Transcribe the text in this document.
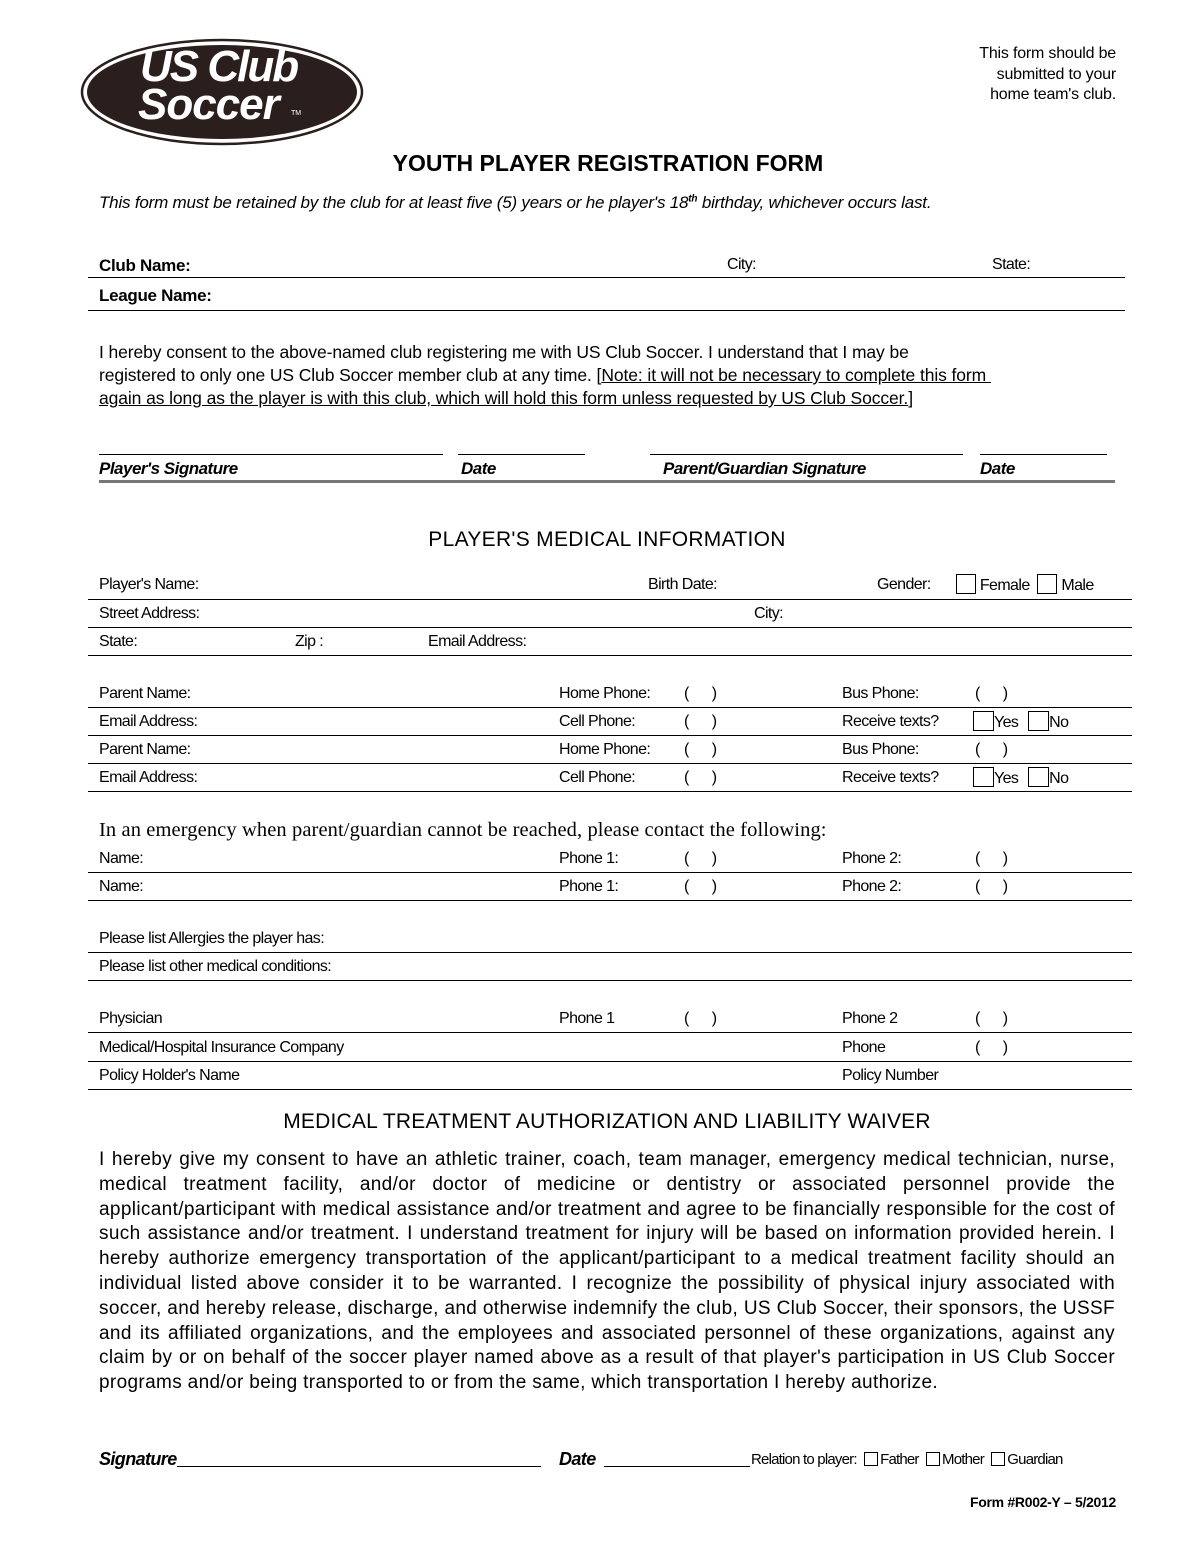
US Club
Soccer TM
This form should be
submitted to your
home team's club.
YOUTH PLAYER REGISTRATION FORM
This form must be retained by the club for at least five (5) years or he player's 18th birthday, whichever occurs last.
Club Name:	City:	State:
League Name:
I hereby consent to the above-named club registering me with US Club Soccer. I understand that I may be
registered to only one US Club Soccer member club at any time. [Note: it will not be necessary to complete this form
again as long as the player is with this club, which will hold this form unless requested by US Club Soccer.]
Player's Signature	Date	Parent/Guardian Signature	Date
PLAYER'S MEDICAL INFORMATION
Player's Name:	Birth Date:	Gender:	Female Male
Street Address:	City:
State:	Zip :	Email Address:
Parent Name:	Home Phone: (      )	Bus Phone:	(      )
Email Address:	Cell Phone:	(      )	Receive texts?	Yes No
Parent Name:	Home Phone: (      )	Bus Phone:	(      )
Email Address:	Cell Phone:	(      )	Receive texts?	Yes No
In an emergency when parent/guardian cannot be reached, please contact the following:
Name:	Phone 1:	(      )	Phone 2:	(      )
Name:	Phone 1:	(      )	Phone 2:	(      )
Please list Allergies the player has:
Please list other medical conditions:
Physician	Phone 1	(      )	Phone 2	(      )
Medical/Hospital Insurance Company	Phone	(      )
Policy Holder's Name	Policy Number
MEDICAL TREATMENT AUTHORIZATION AND LIABILITY WAIVER
I hereby give my consent to have an athletic trainer, coach, team manager, emergency medical technician, nurse, medical treatment facility, and/or doctor of medicine or dentistry or associated personnel provide the applicant/participant with medical assistance and/or treatment and agree to be financially responsible for the cost of such assistance and/or treatment. I understand treatment for injury will be based on information provided herein. I hereby authorize emergency transportation of the applicant/participant to a medical treatment facility should an individual listed above consider it to be warranted. I recognize the possibility of physical injury associated with soccer, and hereby release, discharge, and otherwise indemnify the club, US Club Soccer, their sponsors, the USSF and its affiliated organizations, and the employees and associated personnel of these organizations, against any claim by or on behalf of the soccer player named above as a result of that player's participation in US Club Soccer programs and/or being transported to or from the same, which transportation I hereby authorize.
Signature	Date	Relation to player: Father Mother Guardian
Form #R002-Y – 5/2012
